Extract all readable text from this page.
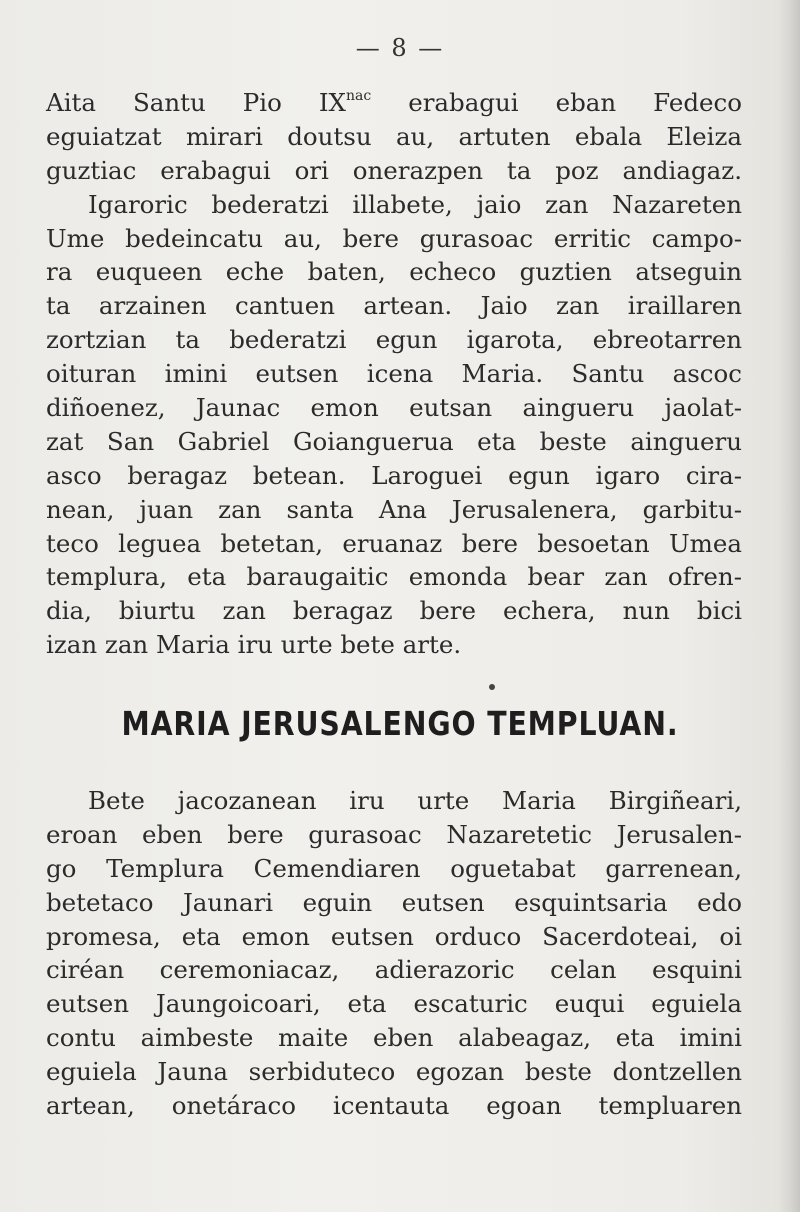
— 8 —
Aita Santu Pio $IX^{nac}$ erabagui eban Fedeco
eguiatzat mirari doutsu au, artuten ebala Eleiza
guztiac erabagui ori onerazpen ta poz andiagaz.
Igaroric bederatzi illabete, jaio zan Nazareten
Ume bedeincatu au, bere gurasoac erritic campo-
ra euqueen eche baten, echeco guztien atseguin
ta arzainen cantuen artean. Jaio zan iraillaren
zortzian ta bederatzi egun igarota, ebreotarren
oituran imini eutsen icena Maria. Santu ascoc
diñoenez, Jaunac emon eutsan aingueru jaolat-
zat San Gabriel Goianguerua eta beste aingueru
asco beragaz betean. Laroguei egun igaro cira-
nean, juan zan santa Ana Jerusalenera, garbitu-
teco leguea betetan, eruanaz bere besoetan Umea
templura, eta baraugaitic emonda bear zan ofren-
dia, biurtu zan beragaz bere echera, nun bici
izan zan Maria iru urte bete arte.
MARIA JERUSALENGO TEMPLUAN.
Bete jacozanean iru urte Maria Birgiñeari,
eroan eben bere gurasoac Nazaretetic Jerusalen-
go Templura Cemendiaren oguetabat garrenean,
betetaco Jaunari eguin eutsen esquintsaria edo
promesa, eta emon eutsen orduco Sacerdoteai, oi
ciréan ceremoniacaz, adierazoric celan esquini
eutsen Jaungoicoari, eta escaturic euqui eguiela
contu aimbeste maite eben alabeagaz, eta imini
eguiela Jauna serbiduteco egozan beste dontzellen
artean, onetáraco icentauta egoan templuaren
